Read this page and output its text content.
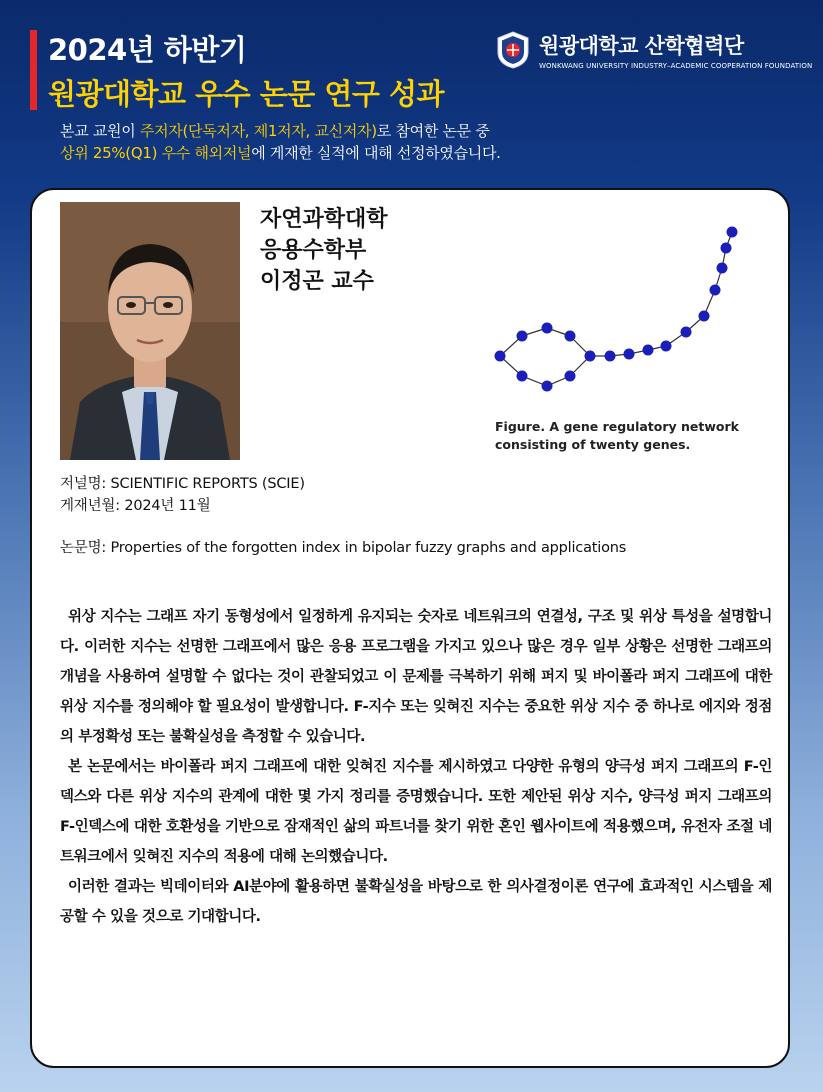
2024년 하반기
원광대학교 우수 논문 연구 성과
원광대학교 산학협력단
WONKWANG UNIVERSITY INDUSTRY–ACADEMIC COOPERATION FOUNDATION
본교 교원이 주저자(단독저자, 제1저자, 교신저자)로 참여한 논문 중
상위 25%(Q1) 우수 해외저널에 게재한 실적에 대해 선정하였습니다.
자연과학대학
응용수학부
이정곤 교수
Figure. A gene regulatory network
consisting of twenty genes.
저널명: SCIENTIFIC REPORTS (SCIE)
게재년월: 2024년 11월
논문명: Properties of the forgotten index in bipolar fuzzy graphs and applications

위상 지수는 그래프 자기 동형성에서 일정하게 유지되는 숫자로 네트워크의 연결성, 구조 및 위상 특성을 설명합니다. 이러한 지수는 선명한 그래프에서 많은 응용 프로그램을 가지고 있으나 많은 경우 일부 상황은 선명한 그래프의 개념을 사용하여 설명할 수 없다는 것이 관찰되었고 이 문제를 극복하기 위해 퍼지 및 바이폴라 퍼지 그래프에 대한 위상 지수를 정의해야 할 필요성이 발생합니다. F-지수 또는 잊혀진 지수는 중요한 위상 지수 중 하나로 에지와 정점의 부정확성 또는 불확실성을 측정할 수 있습니다.

본 논문에서는 바이폴라 퍼지 그래프에 대한 잊혀진 지수를 제시하였고 다양한 유형의 양극성 퍼지 그래프의 F-인덱스와 다른 위상 지수의 관계에 대한 몇 가지 정리를 증명했습니다. 또한 제안된 위상 지수, 양극성 퍼지 그래프의 F-인덱스에 대한 호환성을 기반으로 잠재적인 삶의 파트너를 찾기 위한 혼인 웹사이트에 적용했으며, 유전자 조절 네트워크에서 잊혀진 지수의 적용에 대해 논의했습니다.

이러한 결과는 빅데이터와 AI분야에 활용하면 불확실성을 바탕으로 한 의사결정이론 연구에 효과적인 시스템을 제공할 수 있을 것으로 기대합니다.
